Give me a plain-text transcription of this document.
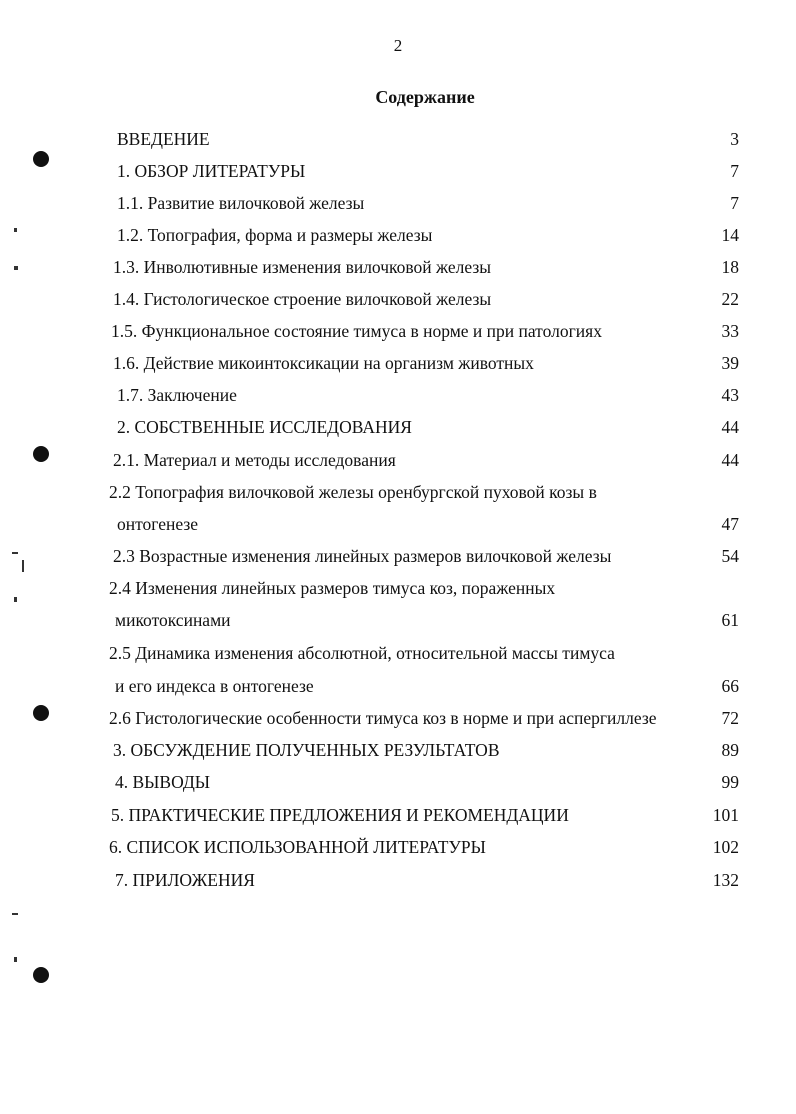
2
Содержание
ВВЕДЕНИЕ	3
1. ОБЗОР ЛИТЕРАТУРЫ	7
1.1. Развитие вилочковой железы	7
1.2. Топография, форма и размеры железы	14
1.3. Инволютивные изменения вилочковой железы	18
1.4. Гистологическое строение вилочковой железы	22
1.5. Функциональное состояние тимуса в норме и при патологиях	33
1.6. Действие микоинтоксикации на организм животных	39
1.7. Заключение	43
2. СОБСТВЕННЫЕ ИССЛЕДОВАНИЯ	44
2.1. Материал и методы исследования	44
2.2 Топография вилочковой железы оренбургской пуховой козы в
онтогенезе	47
2.3 Возрастные изменения линейных размеров вилочковой железы	54
2.4 Изменения линейных размеров тимуса коз, пораженных
микотоксинами	61
2.5 Динамика изменения абсолютной, относительной массы тимуса
и его индекса в онтогенезе	66
2.6 Гистологические особенности тимуса коз в норме и при аспергиллезе	72
3. ОБСУЖДЕНИЕ ПОЛУЧЕННЫХ РЕЗУЛЬТАТОВ	89
4. ВЫВОДЫ	99
5. ПРАКТИЧЕСКИЕ ПРЕДЛОЖЕНИЯ И РЕКОМЕНДАЦИИ	101
6. СПИСОК ИСПОЛЬЗОВАННОЙ ЛИТЕРАТУРЫ	102
7. ПРИЛОЖЕНИЯ	132
